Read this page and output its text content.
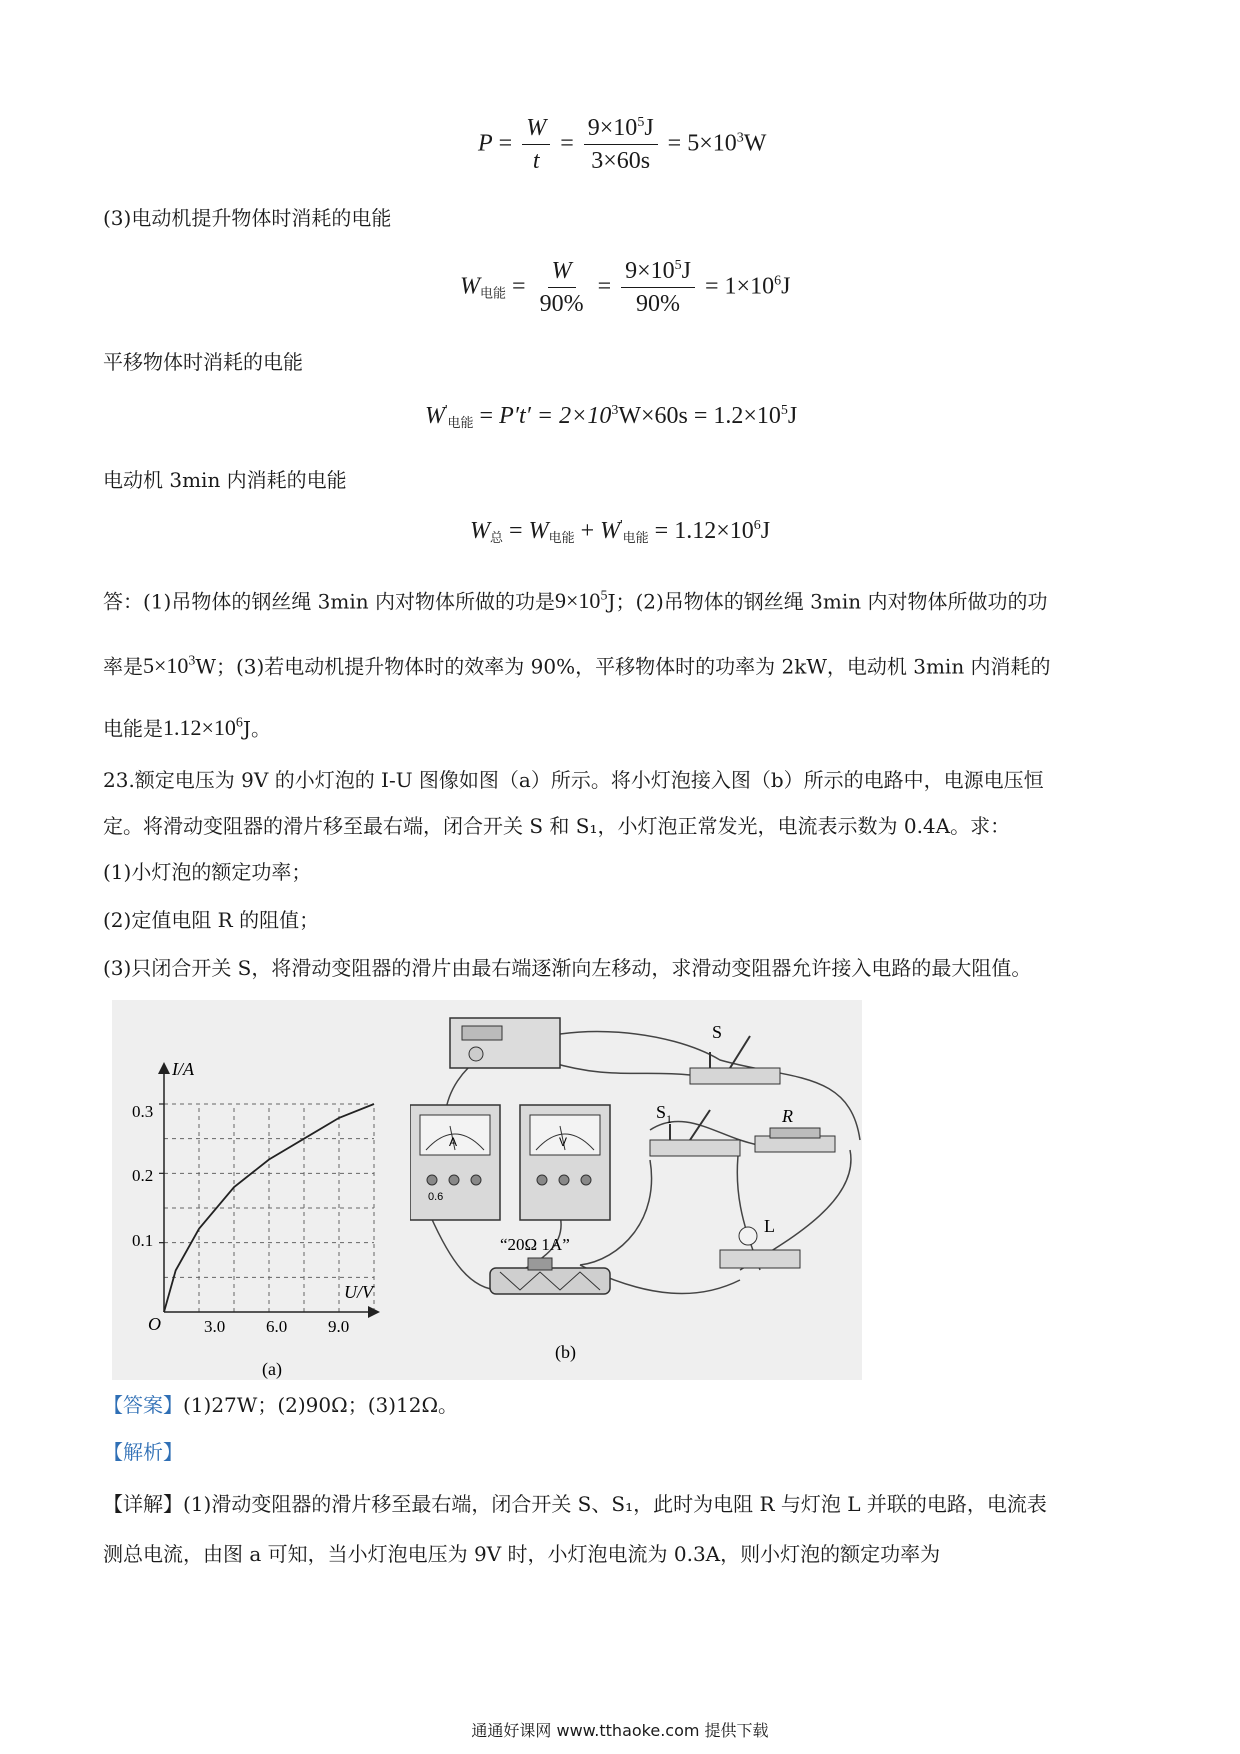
$P = \frac{W}{t} = \frac{9\times 10^5J}{3\times 60s} = 5\times 10^3W$
(3)电动机提升物体时消耗的电能
$W_{电能} = \frac{W}{90\%} = \frac{9\times 10^5J}{90\%} = 1\times 10^6J$
平移物体时消耗的电能
$W'_{电能} = P't' = 2\times 10^3W\times 60s = 1.2\times 10^5J$
电动机 3min 内消耗的电能
$W_总 = W_{电能} + W'_{电能} = 1.12\times 10^6J$
答：(1)吊物体的钢丝绳 3min 内对物体所做的功是$9\times 10^5J$；(2)吊物体的钢丝绳 3min 内对物体所做功的功
率是$5\times 10^3W$；(3)若电动机提升物体时的效率为 90%，平移物体时的功率为 2kW，电动机 3min 内消耗的
电能是$1.12\times 10^6J$。
23.额定电压为 9V 的小灯泡的 I-U 图像如图（a）所示。将小灯泡接入图（b）所示的电路中，电源电压恒
定。将滑动变阻器的滑片移至最右端，闭合开关 S 和 S₁，小灯泡正常发光，电流表示数为 0.4A。求：
(1)小灯泡的额定功率；
(2)定值电阻 R 的阻值；
(3)只闭合开关 S，将滑动变阻器的滑片由最右端逐渐向左移动，求滑动变阻器允许接入电路的最大阻值。
I/A
U/V
O
0.3
0.2
0.1
3.0 6.0 9.0
(a)
A
0.6
V
S
$S_1$	R
L
“20Ω 1A”
(b)
【答案】(1)27W；(2)90Ω；(3)12Ω。
【解析】
【详解】(1)滑动变阻器的滑片移至最右端，闭合开关 S、S₁，此时为电阻 R 与灯泡 L 并联的电路，电流表
测总电流，由图 a 可知，当小灯泡电压为 9V 时，小灯泡电流为 0.3A，则小灯泡的额定功率为
通通好课网 www.tthaoke.com 提供下载
